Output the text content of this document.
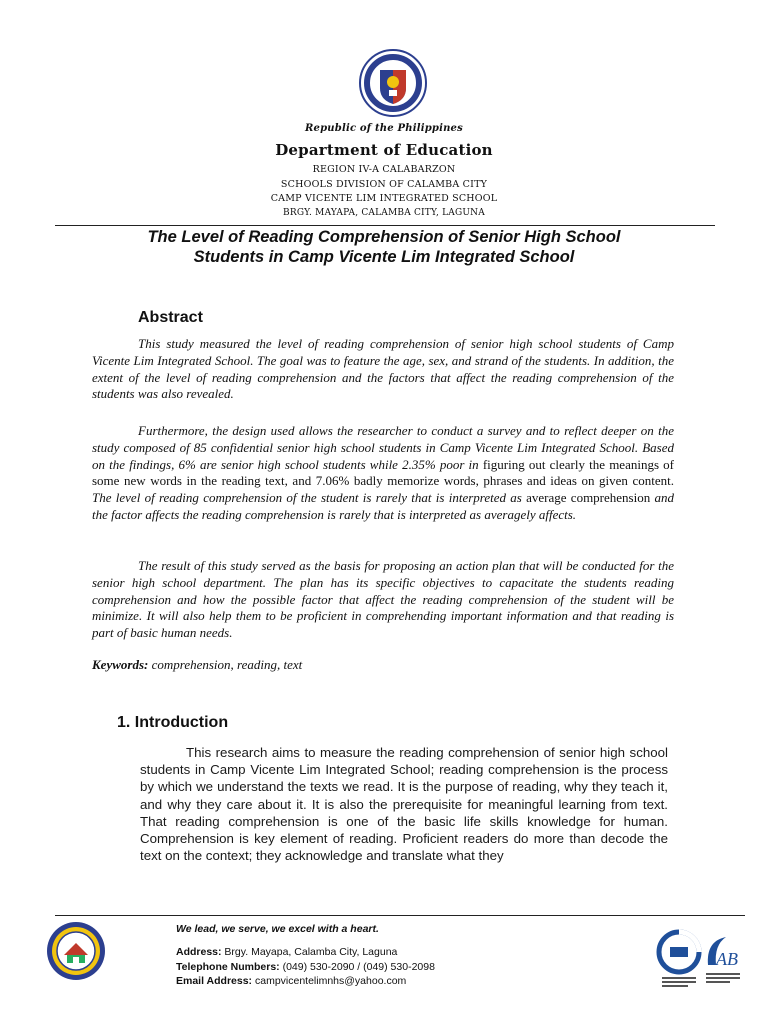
Republic of the Philippines
Department of Education
REGION IV-A CALABARZON
SCHOOLS DIVISION OF CALAMBA CITY
CAMP VICENTE LIM INTEGRATED SCHOOL
BRGY. MAYAPA, CALAMBA CITY, LAGUNA
The Level of Reading Comprehension of Senior High School
Students in Camp Vicente Lim Integrated School
Abstract
This study measured the level of reading comprehension of senior high school students of Camp Vicente Lim Integrated School. The goal was to feature the age, sex, and strand of the students. In addition, the extent of the level of reading comprehension and the factors that affect the reading comprehension of the students was also revealed.
Furthermore, the design used allows the researcher to conduct a survey and to reflect deeper on the study composed of 85 confidential senior high school students in Camp Vicente Lim Integrated School. Based on the findings, 6% are senior high school students while 2.35% poor in figuring out clearly the meanings of some new words in the reading text, and 7.06% badly memorize words, phrases and ideas on given content. The level of reading comprehension of the student is rarely that is interpreted as average comprehension and the factor affects the reading comprehension is rarely that is interpreted as averagely affects.
The result of this study served as the basis for proposing an action plan that will be conducted for the senior high school department. The plan has its specific objectives to capacitate the students reading comprehension and how the possible factor that affect the reading comprehension of the student will be minimize. It will also help them to be proficient in comprehending important information and that reading is part of basic human needs.
Keywords: comprehension, reading, text
1. Introduction
This research aims to measure the reading comprehension of senior high school students in Camp Vicente Lim Integrated School; reading comprehension is the process by which we understand the texts we read. It is the purpose of reading, why they teach it, and why they care about it. It is also the prerequisite for meaningful learning from text. That reading comprehension is one of the basic life skills knowledge for human. Comprehension is key element of reading. Proficient readers do more than decode the text on the context; they acknowledge and translate what they
We lead, we serve, we excel with a heart.
Address: Brgy. Mayapa, Calamba City, Laguna
Telephone Numbers: (049) 530-2090 / (049) 530-2098
Email Address: campvicentelimnhs@yahoo.com
AB
